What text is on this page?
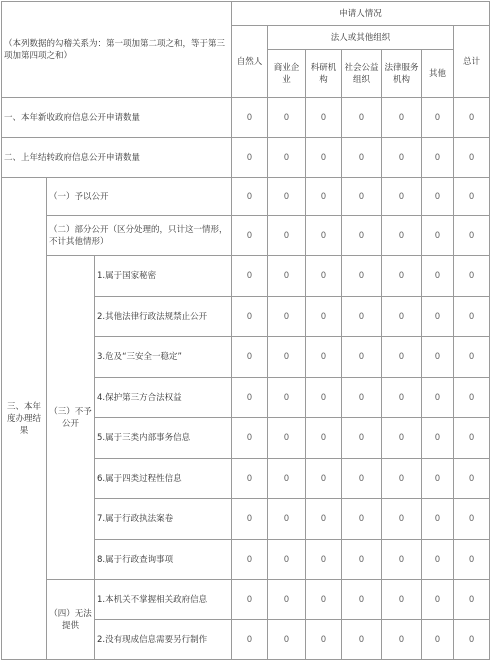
（本列数据的勾稽关系为：第一项加第二项之和，等于第三项加第四项之和）			申请人情况						
			自然人	法人或其他组织					总计
				商业企业	科研机构	社会公益组织	法律服务机构	其他	
一、本年新收政府信息公开申请数量			0	0	0	0	0	0	0
二、上年结转政府信息公开申请数量			0	0	0	0	0	0	0
三、本年度办理结果	（一）予以公开		0	0	0	0	0	0	0
	（二）部分公开（区分处理的，只计这一情形，不计其他情形）		0	0	0	0	0	0	0
	（三）不予公开	1.属于国家秘密	0	0	0	0	0	0	0
		2.其他法律行政法规禁止公开	0	0	0	0	0	0	0
		3.危及“三安全一稳定”	0	0	0	0	0	0	0
		4.保护第三方合法权益	0	0	0	0	0	0	0
		5.属于三类内部事务信息	0	0	0	0	0	0	0
		6.属于四类过程性信息	0	0	0	0	0	0	0
		7.属于行政执法案卷	0	0	0	0	0	0	0
		8.属于行政查询事项	0	0	0	0	0	0	0
	（四）无法提供	1.本机关不掌握相关政府信息	0	0	0	0	0	0	0
		2.没有现成信息需要另行制作	0	0	0	0	0	0	0
